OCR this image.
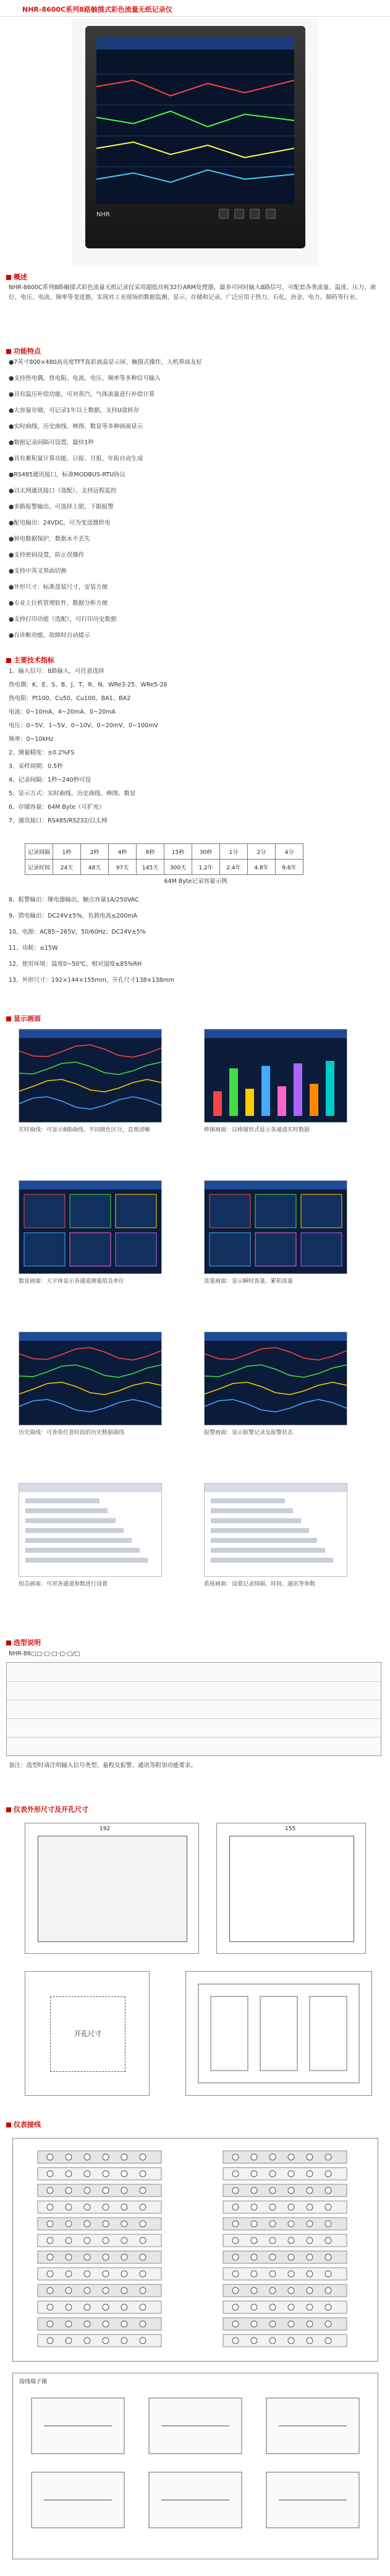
NHR-8600C系列8路触摸式彩色流量无纸记录仪
NHR

概述
NHR-8600C系列8路触摸式彩色流量无纸记录仪采用超低功耗32位ARM处理器，最多可同时输入8路信号，可配套各类流量、温度、压力、液位、电压、电流、频率等变送器，实现对工业现场的数据监测、显示、存储和记录，广泛应用于热力、石化、冶金、电力、制药等行业。
功能特点
●7英寸800×480高亮度TFT真彩液晶显示屏，触摸式操作，人机界面友好
●支持热电偶、热电阻、电流、电压、频率等多种信号输入
●具有温压补偿功能，可对蒸汽、气体流量进行补偿计算
●大容量存储，可记录1年以上数据，支持U盘转存
●实时曲线、历史曲线、棒图、数显等多种画面显示
●数据记录间隔可设置，最快1秒
●具有累积量计算功能，日报、月报、年报自动生成
●RS485通讯接口，标准MODBUS-RTU协议
●以太网通讯接口（选配），支持远程监控
●多路报警输出，可选择上限、下限报警
●配电输出：24VDC，可为变送器供电
●掉电数据保护，数据永不丢失
●支持密码设置，防止误操作
●支持中英文界面切换
●外形尺寸：标准盘装尺寸，安装方便
●专业上位机管理软件，数据分析方便
●支持打印功能（选配），可打印历史数据
●自诊断功能，故障时自动提示
主要技术指标
1、输入信号：8路输入，可任意选择
热电偶：K、E、S、B、J、T、R、N、WRe3-25、WRe5-26
热电阻：Pt100、Cu50、Cu100、BA1、BA2
电流：0~10mA、4~20mA、0~20mA
电压：0~5V、1~5V、0~10V、0~20mV、0~100mV
频率：0~10kHz
2、测量精度：±0.2%FS
3、采样周期：0.5秒
4、记录间隔：1秒~240秒可设
5、显示方式：实时曲线、历史曲线、棒图、数显
6、存储容量：64M Byte（可扩充）
7、通讯接口：RS485/RS232/以太网
记录间隔	1秒	2秒	4秒	8秒	15秒	30秒	1分	2分	4分
记录时间	24天	48天	97天	145天	300天	1.2年	2.4年	4.8年	9.6年
64M Byte记录容量示例
8、报警输出：继电器输出，触点容量1A/250VAC
9、馈电输出：DC24V±5%，负载电流≤200mA
10、电源：AC85~265V，50/60Hz；DC24V±5%
11、功耗：≤15W
12、使用环境：温度0~50℃，相对湿度≤85%RH
13、外形尺寸：192×144×155mm，开孔尺寸138×138mm
显示画面
实时曲线：可显示8路曲线，不同颜色区分，直观清晰	棒图画面：以棒图形式显示各通道实时数据
数显画面：大字体显示各通道测量值及单位	流量画面：显示瞬时流量、累积流量
历史曲线：可查看任意时段的历史数据曲线	报警画面：显示报警记录及报警状态
组态画面：可对各通道参数进行设置	系统画面：设置记录间隔、时间、通讯等参数
选型说明
NHR-86□□-□-□-□-□/□
备注：选型时请注明输入信号类型、量程及报警、通讯等附加功能要求。
仪表外形尺寸及开孔尺寸
192	155
开孔尺寸
仪表接线
接线端子图
